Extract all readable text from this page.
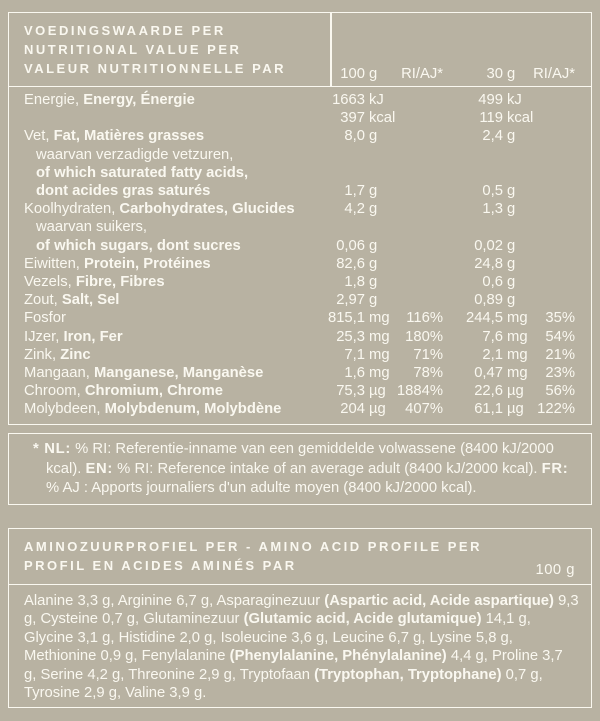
VOEDINGSWAARDE PER
NUTRITIONAL VALUE PER
VALEUR NUTRITIONNELLE PAR	100 g	RI/AJ*	30 g RI/AJ*
Energie, Energy, Énergie	1663 kJ	499 kJ
397 kcal	119 kcal
Vet, Fat, Matières grasses	8,0 g	2,4 g
waarvan verzadigde vetzuren,
of which saturated fatty acids,
dont acides gras saturés	1,7 g	0,5 g
Koolhydraten, Carbohydrates, Glucides	4,2 g	1,3 g
waarvan suikers,
of which sugars, dont sucres	0,06 g	0,02 g
Eiwitten, Protein, Protéines	82,6 g	24,8 g
Vezels, Fibre, Fibres	1,8 g	0,6 g
Zout, Salt, Sel	2,97 g	0,89 g
Fosfor	815,1 mg	116%	244,5 mg	35%
IJzer, Iron, Fer	25,3 mg	180%	7,6 mg	54%
Zink, Zinc	7,1 mg	71%	2,1 mg	21%
Mangaan, Manganese, Manganèse	1,6 mg	78%	0,47 mg	23%
Chroom, Chromium, Chrome	75,3 µg 1884%	22,6 µg	56%
Molybdeen, Molybdenum, Molybdène	204 µg	407%	61,1 µg 122%

* NL: % RI: Referentie-inname van een gemiddelde volwassene (8400 kJ/2000 kcal). EN: % RI: Reference intake of an average adult (8400 kJ/2000 kcal). FR: % AJ : Apports journaliers d'un adulte moyen (8400 kJ/2000 kcal).

AMINOZUURPROFIEL PER - AMINO ACID PROFILE PER
PROFIL EN ACIDES AMINÉS PAR	100 g

Alanine 3,3 g, Arginine 6,7 g, Asparaginezuur (Aspartic acid, Acide aspartique) 9,3 g, Cysteine 0,7 g, Glutaminezuur (Glutamic acid, Acide glutamique) 14,1 g, Glycine 3,1 g, Histidine 2,0 g, Isoleucine 3,6 g, Leucine 6,7 g, Lysine 5,8 g, Methionine 0,9 g, Fenylalanine (Phenylalanine, Phénylalanine) 4,4 g, Proline 3,7 g, Serine 4,2 g, Threonine 2,9 g, Tryptofaan (Tryptophan, Tryptophane) 0,7 g, Tyrosine 2,9 g, Valine 3,9 g.
